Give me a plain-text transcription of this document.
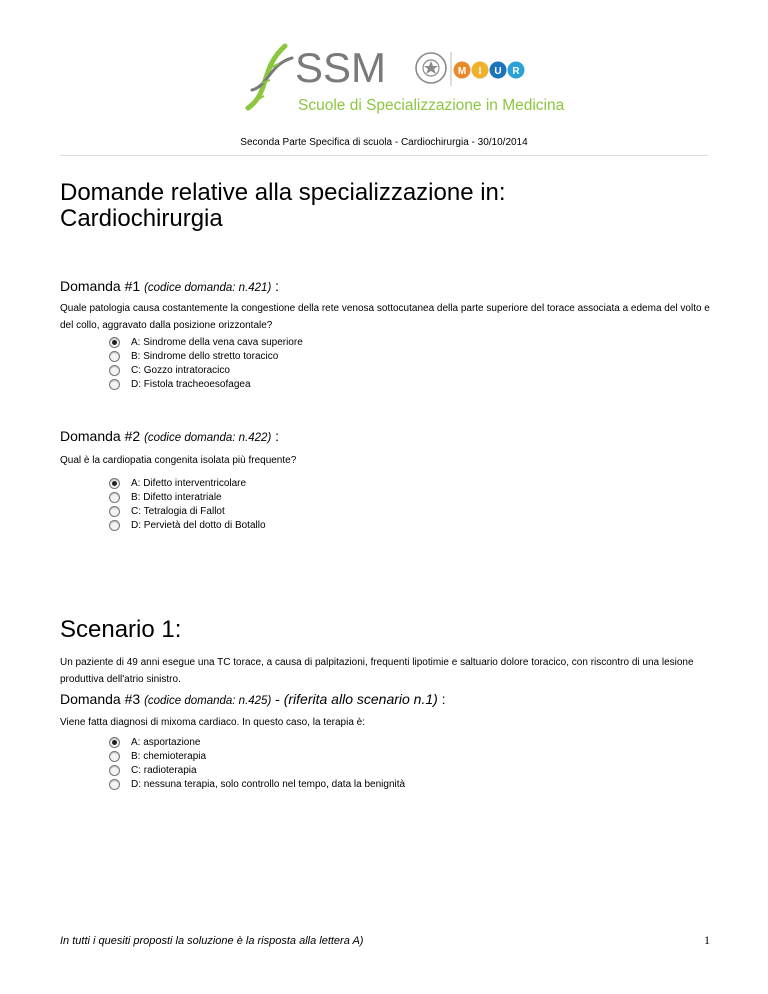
SSM
Scuole di Specializzazione in Medicina
M I U R
Seconda Parte Specifica di scuola - Cardiochirurgia - 30/10/2014
Domande relative alla specializzazione in:
Cardiochirurgia
Domanda #1 (codice domanda: n.421) :
Quale patologia causa costantemente la congestione della rete venosa sottocutanea della parte superiore del torace associata a edema del volto e del collo, aggravato dalla posizione orizzontale?
A: Sindrome della vena cava superiore
B: Sindrome dello stretto toracico
C: Gozzo intratoracico
D: Fistola tracheoesofagea
Domanda #2 (codice domanda: n.422) :
Qual è la cardiopatia congenita isolata più frequente?
A: Difetto interventricolare
B: Difetto interatriale
C: Tetralogia di Fallot
D: Pervietà del dotto di Botallo
Scenario 1:
Un paziente di 49 anni esegue una TC torace, a causa di palpitazioni, frequenti lipotimie e saltuario dolore toracico, con riscontro di una lesione produttiva dell'atrio sinistro.
Domanda #3 (codice domanda: n.425) - (riferita allo scenario n.1) :
Viene fatta diagnosi di mixoma cardiaco. In questo caso, la terapia è:
A: asportazione
B: chemioterapia
C: radioterapia
D: nessuna terapia, solo controllo nel tempo, data la benignità
In tutti i quesiti proposti la soluzione è la risposta alla lettera A)	1
